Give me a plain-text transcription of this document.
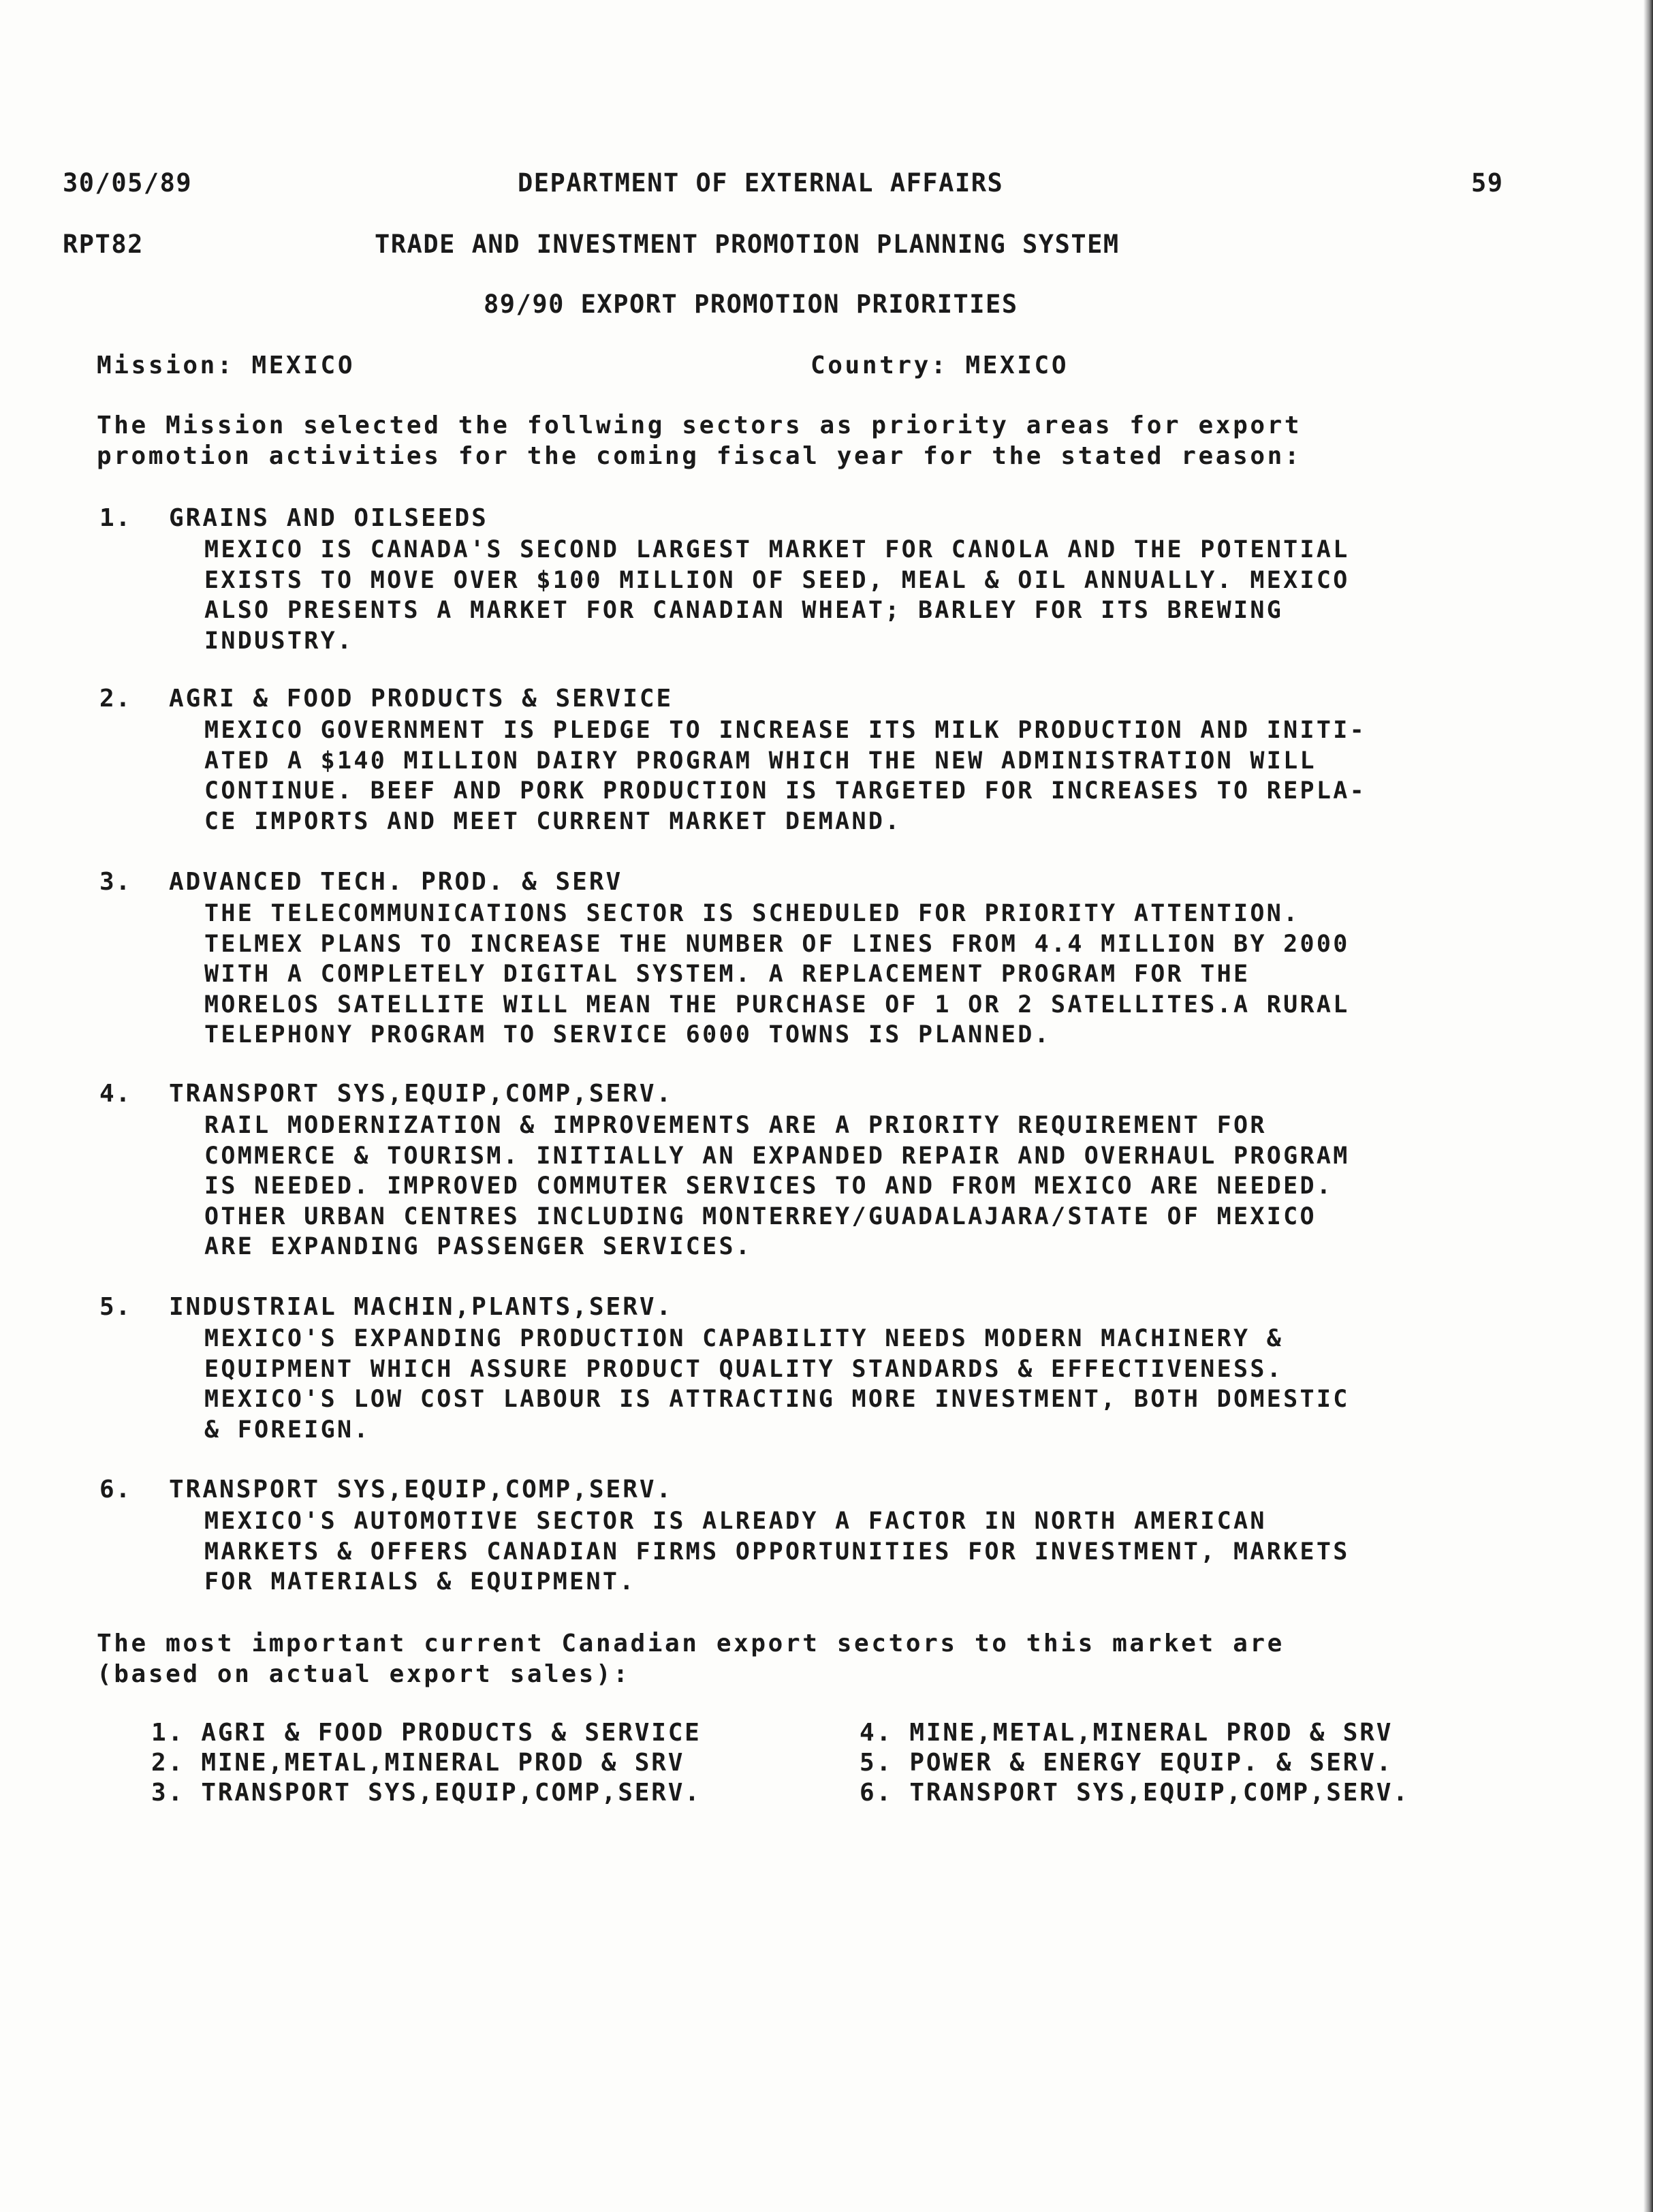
30/05/89	DEPARTMENT OF EXTERNAL AFFAIRS	59
RPT82	TRADE AND INVESTMENT PROMOTION PLANNING SYSTEM
89/90 EXPORT PROMOTION PRIORITIES
Mission: MEXICO	Country: MEXICO
The Mission selected the follwing sectors as priority areas for export
promotion activities for the coming fiscal year for the stated reason:
1. GRAINS AND OILSEEDS
MEXICO IS CANADA'S SECOND LARGEST MARKET FOR CANOLA AND THE POTENTIAL
EXISTS TO MOVE OVER $100 MILLION OF SEED, MEAL & OIL ANNUALLY. MEXICO
ALSO PRESENTS A MARKET FOR CANADIAN WHEAT; BARLEY FOR ITS BREWING
INDUSTRY.
2. AGRI & FOOD PRODUCTS & SERVICE
MEXICO GOVERNMENT IS PLEDGE TO INCREASE ITS MILK PRODUCTION AND INITI-
ATED A $140 MILLION DAIRY PROGRAM WHICH THE NEW ADMINISTRATION WILL
CONTINUE. BEEF AND PORK PRODUCTION IS TARGETED FOR INCREASES TO REPLA-
CE IMPORTS AND MEET CURRENT MARKET DEMAND.
3. ADVANCED TECH. PROD. & SERV
THE TELECOMMUNICATIONS SECTOR IS SCHEDULED FOR PRIORITY ATTENTION.
TELMEX PLANS TO INCREASE THE NUMBER OF LINES FROM 4.4 MILLION BY 2000
WITH A COMPLETELY DIGITAL SYSTEM. A REPLACEMENT PROGRAM FOR THE
MORELOS SATELLITE WILL MEAN THE PURCHASE OF 1 OR 2 SATELLITES.A RURAL
TELEPHONY PROGRAM TO SERVICE 6000 TOWNS IS PLANNED.
4. TRANSPORT SYS,EQUIP,COMP,SERV.
RAIL MODERNIZATION & IMPROVEMENTS ARE A PRIORITY REQUIREMENT FOR
COMMERCE & TOURISM. INITIALLY AN EXPANDED REPAIR AND OVERHAUL PROGRAM
IS NEEDED. IMPROVED COMMUTER SERVICES TO AND FROM MEXICO ARE NEEDED.
OTHER URBAN CENTRES INCLUDING MONTERREY/GUADALAJARA/STATE OF MEXICO
ARE EXPANDING PASSENGER SERVICES.
5. INDUSTRIAL MACHIN,PLANTS,SERV.
MEXICO'S EXPANDING PRODUCTION CAPABILITY NEEDS MODERN MACHINERY &
EQUIPMENT WHICH ASSURE PRODUCT QUALITY STANDARDS & EFFECTIVENESS.
MEXICO'S LOW COST LABOUR IS ATTRACTING MORE INVESTMENT, BOTH DOMESTIC
& FOREIGN.
6. TRANSPORT SYS,EQUIP,COMP,SERV.
MEXICO'S AUTOMOTIVE SECTOR IS ALREADY A FACTOR IN NORTH AMERICAN
MARKETS & OFFERS CANADIAN FIRMS OPPORTUNITIES FOR INVESTMENT, MARKETS
FOR MATERIALS & EQUIPMENT.
The most important current Canadian export sectors to this market are
(based on actual export sales):
1. AGRI & FOOD PRODUCTS & SERVICE
2. MINE,METAL,MINERAL PROD & SRV
3. TRANSPORT SYS,EQUIP,COMP,SERV.
4. MINE,METAL,MINERAL PROD & SRV
5. POWER & ENERGY EQUIP. & SERV.
6. TRANSPORT SYS,EQUIP,COMP,SERV.
